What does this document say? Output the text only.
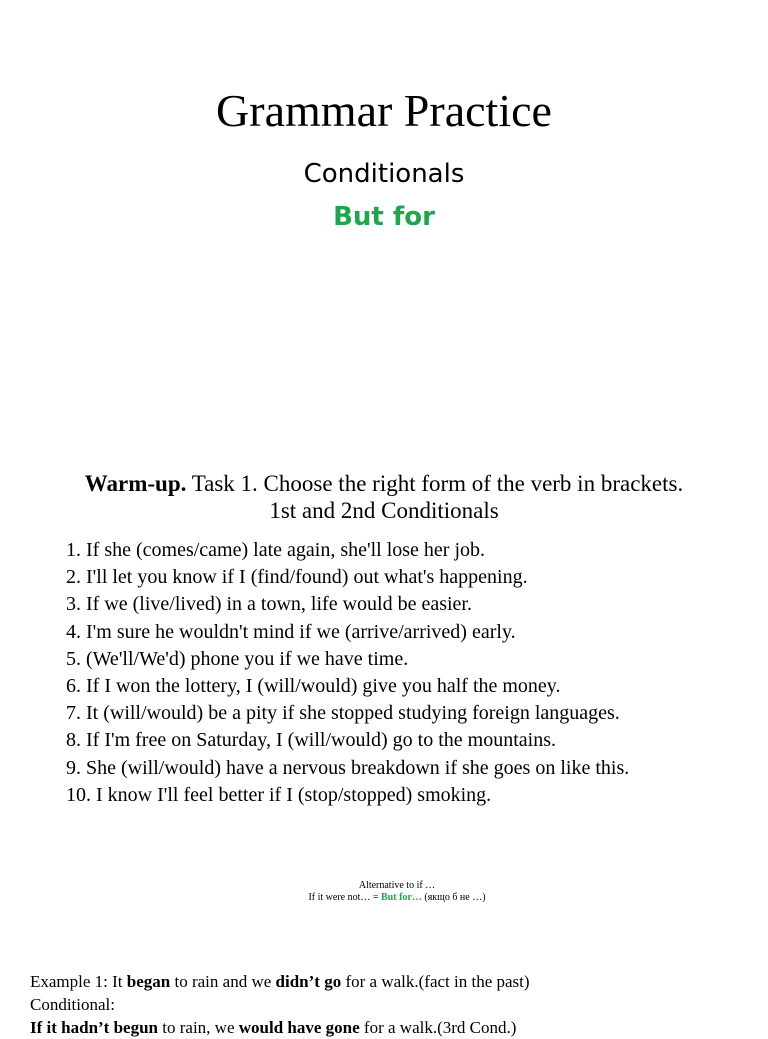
Grammar Practice
Conditionals
But for
Warm-up. Task 1. Choose the right form of the verb in brackets.
1st and 2nd Conditionals
1. If she (comes/came) late again, she'll lose her job.
2. I'll let you know if I (find/found) out what's happening.
3. If we (live/lived) in a town, life would be easier.
4. I'm sure he wouldn't mind if we (arrive/arrived) early.
5. (We'll/We'd) phone you if we have time.
6. If I won the lottery, I (will/would) give you half the money.
7. It (will/would) be a pity if she stopped studying foreign languages.
8. If I'm free on Saturday, I (will/would) go to the mountains.
9. She (will/would) have a nervous breakdown if she goes on like this.
10. I know I'll feel better if I (stop/stopped) smoking.
Alternative to if …
If it were not… = But for… (якщо б не …)
Example 1: It began to rain and we didn’t go for a walk.(fact in the past)
Conditional:
If it hadn’t begun to rain, we would have gone for a walk.(3rd Cond.)
